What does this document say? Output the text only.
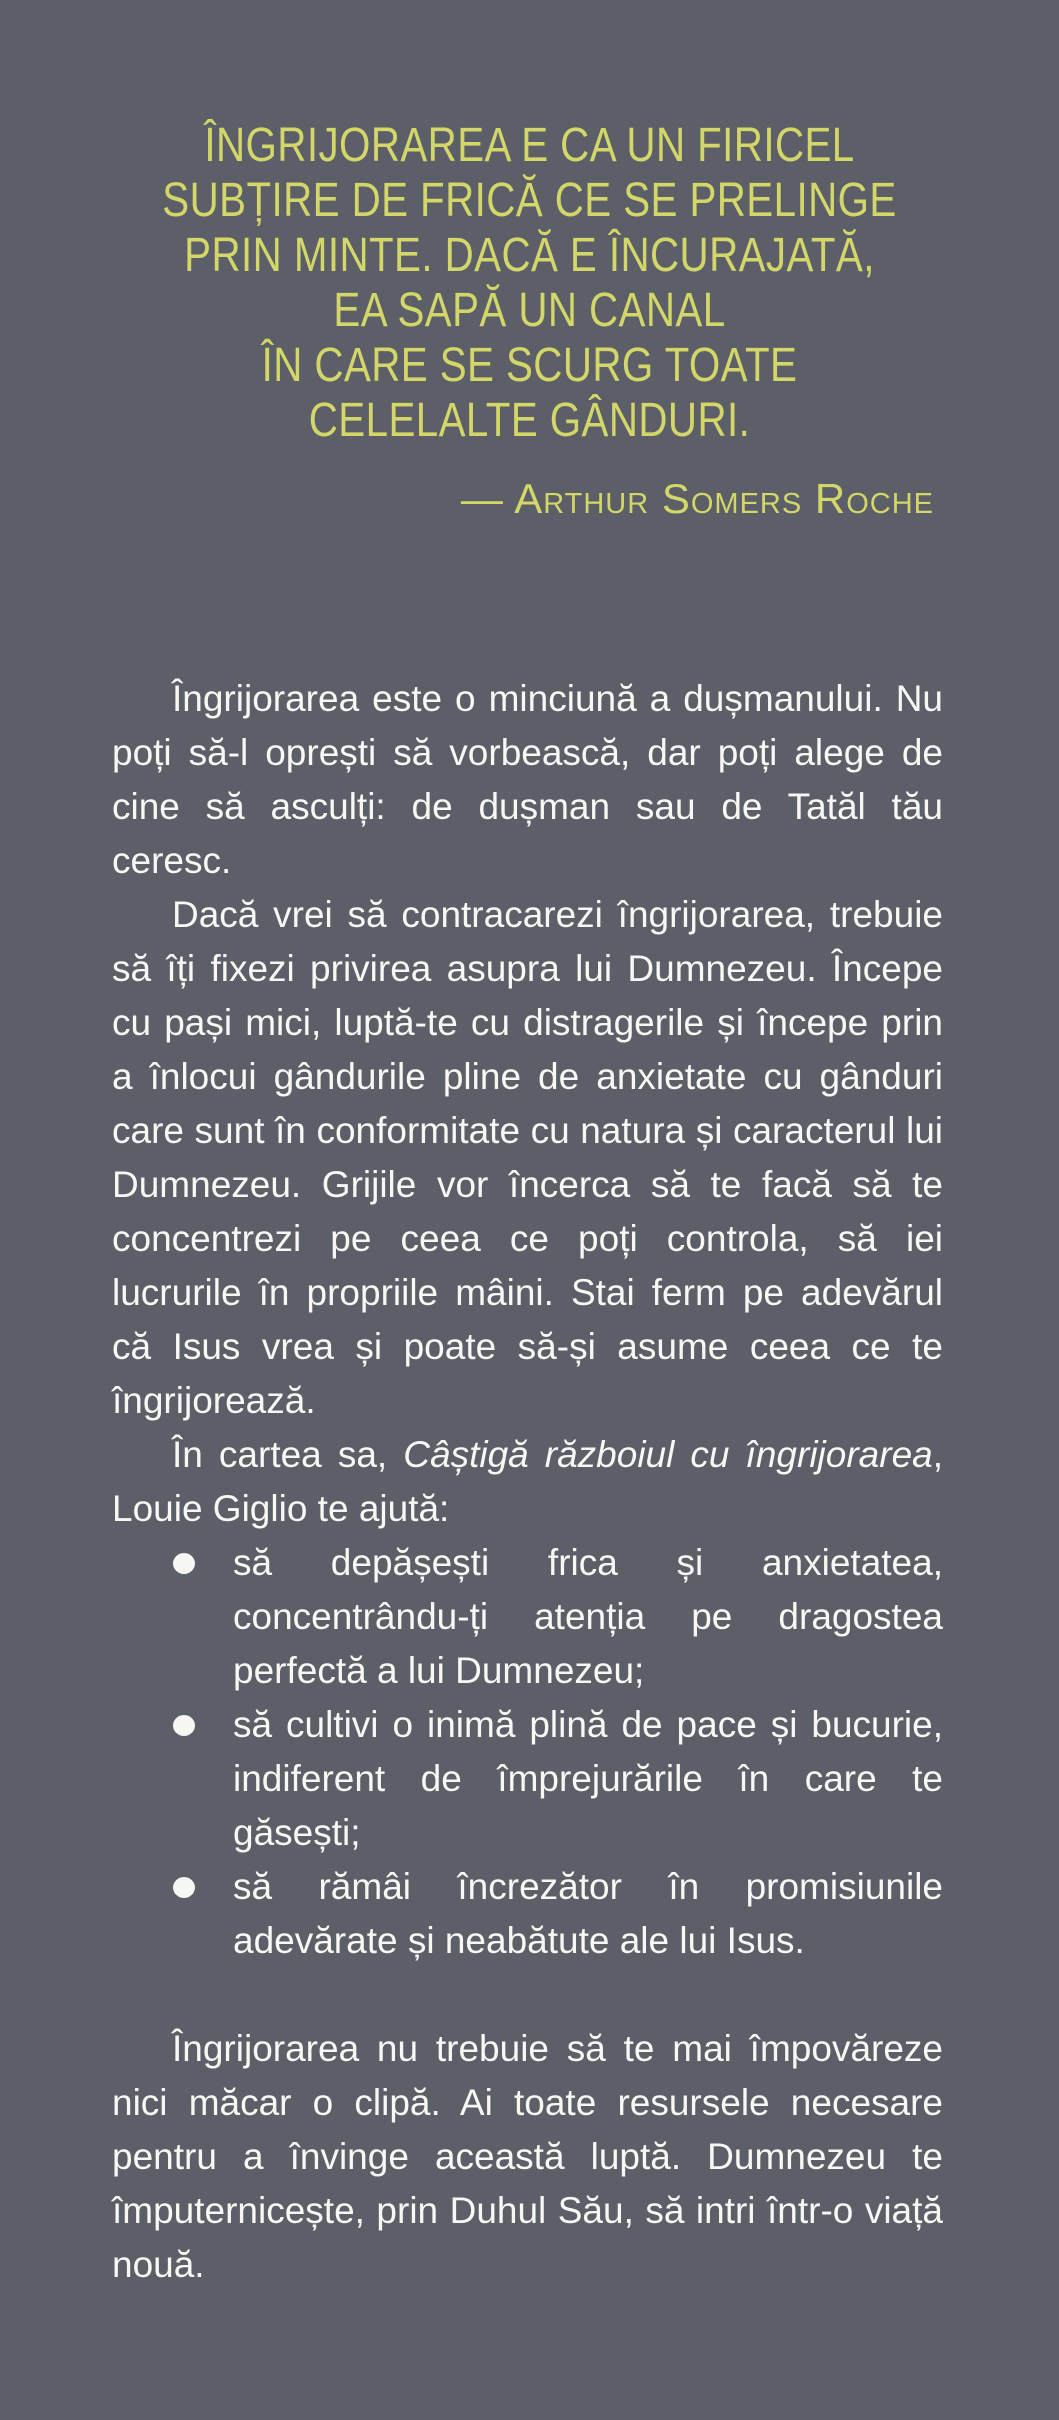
ÎNGRIJORAREA E CA UN FIRICEL
SUBȚIRE DE FRICĂ CE SE PRELINGE
PRIN MINTE. DACĂ E ÎNCURAJATĂ,
EA SAPĂ UN CANAL
ÎN CARE SE SCURG TOATE
CELELALTE GÂNDURI.
— Arthur Somers Roche

Îngrijorarea este o minciună a dușmanului. Nu poți să-l oprești să vorbească, dar poți alege de cine să asculți: de dușman sau de Tatăl tău ceresc.

Dacă vrei să contracarezi îngrijorarea, trebuie să îți fixezi privirea asupra lui Dumnezeu. Începe cu pași mici, luptă-te cu distragerile și începe prin a înlocui gândurile pline de anxietate cu gânduri care sunt în conformitate cu natura și caracterul lui Dumnezeu. Grijile vor încerca să te facă să te concentrezi pe ceea ce poți controla, să iei lucrurile în propriile mâini. Stai ferm pe adevărul că Isus vrea și poate să-și asume ceea ce te îngrijorează.

În cartea sa, Câștigă războiul cu îngrijorarea, Louie Giglio te ajută:

să depășești frica și anxietatea, concentrându-ți atenția pe dragostea perfectă a lui Dumnezeu;
să cultivi o inimă plină de pace și bucurie, indiferent de împrejurările în care te găsești;
să rămâi încrezător în promisiunile adevărate și neabătute ale lui Isus.

Îngrijorarea nu trebuie să te mai împovăreze nici măcar o clipă. Ai toate resursele necesare pentru a învinge această luptă. Dumnezeu te împuternicește, prin Duhul Său, să intri într-o viață nouă.
